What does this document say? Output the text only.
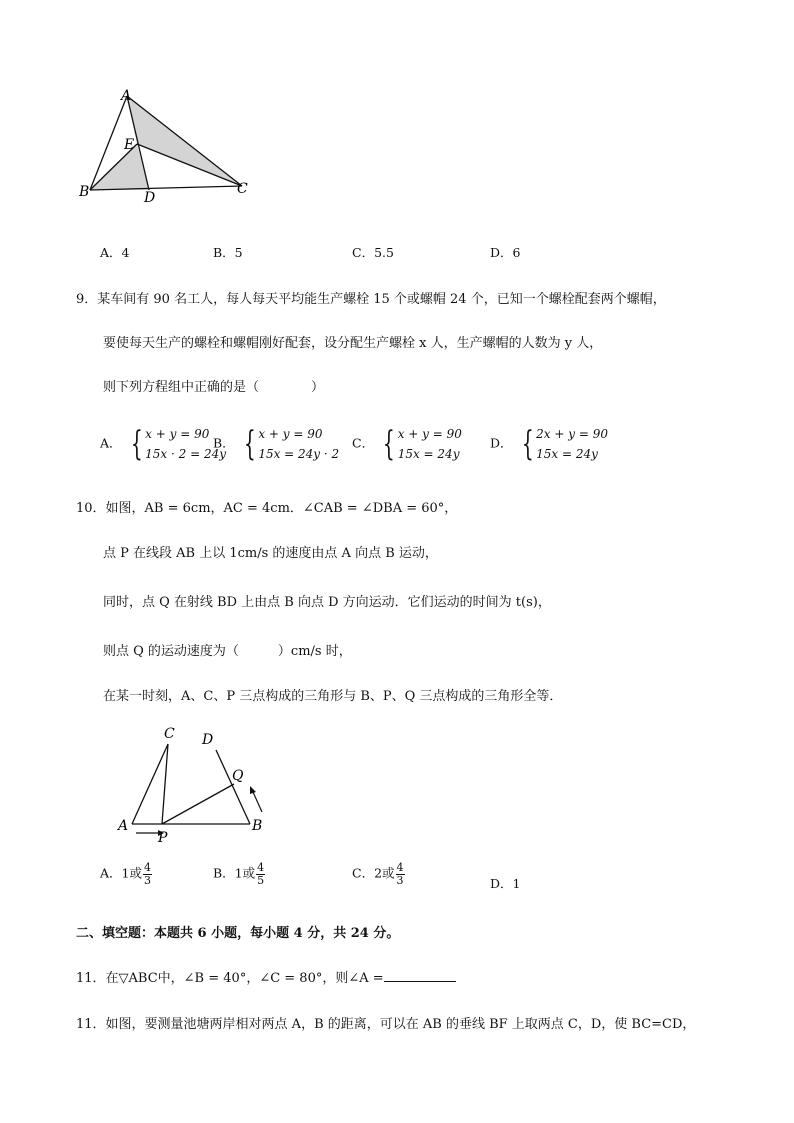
A
E
B	D
C
A．4	B．5	C．5.5	D．6
9．某车间有 90 名工人，每人每天平均能生产螺栓 15 个或螺帽 24 个，已知一个螺栓配套两个螺帽，
要使每天生产的螺栓和螺帽刚好配套，设分配生产螺栓 x 人，生产螺帽的人数为 y 人，
则下列方程组中正确的是（　　　　）
A． { x + y = 90
15x · 2 = 24y
B． { x + y = 90
15x = 24y · 2
C． { x + y = 90
15x = 24y
D． { 2x + y = 90
15x = 24y
10．如图，AB = 6cm，AC = 4cm．∠CAB = ∠DBA = 60°，
点 P 在线段 AB 上以 1cm/s 的速度由点 A 向点 B 运动，
同时，点 Q 在射线 BD 上由点 B 向点 D 方向运动．它们运动的时间为 t(s)，
则点 Q 的运动速度为（　　　）cm/s 时，
在某一时刻，A、C、P 三点构成的三角形与 B、P、Q 三点构成的三角形全等．
C D
Q
A
P
B
A．1或 $\frac{4}{3}$	B．1或 $\frac{4}{5}$	C．2或 $\frac{4}{3}$	D．1
二、填空题：本题共 6 小题，每小题 4 分，共 24 分。
11．在▽ABC中，∠B = 40°，∠C = 80°，则∠A =
11．如图，要测量池塘两岸相对两点 A，B 的距离，可以在 AB 的垂线 BF 上取两点 C，D，使 BC=CD，
